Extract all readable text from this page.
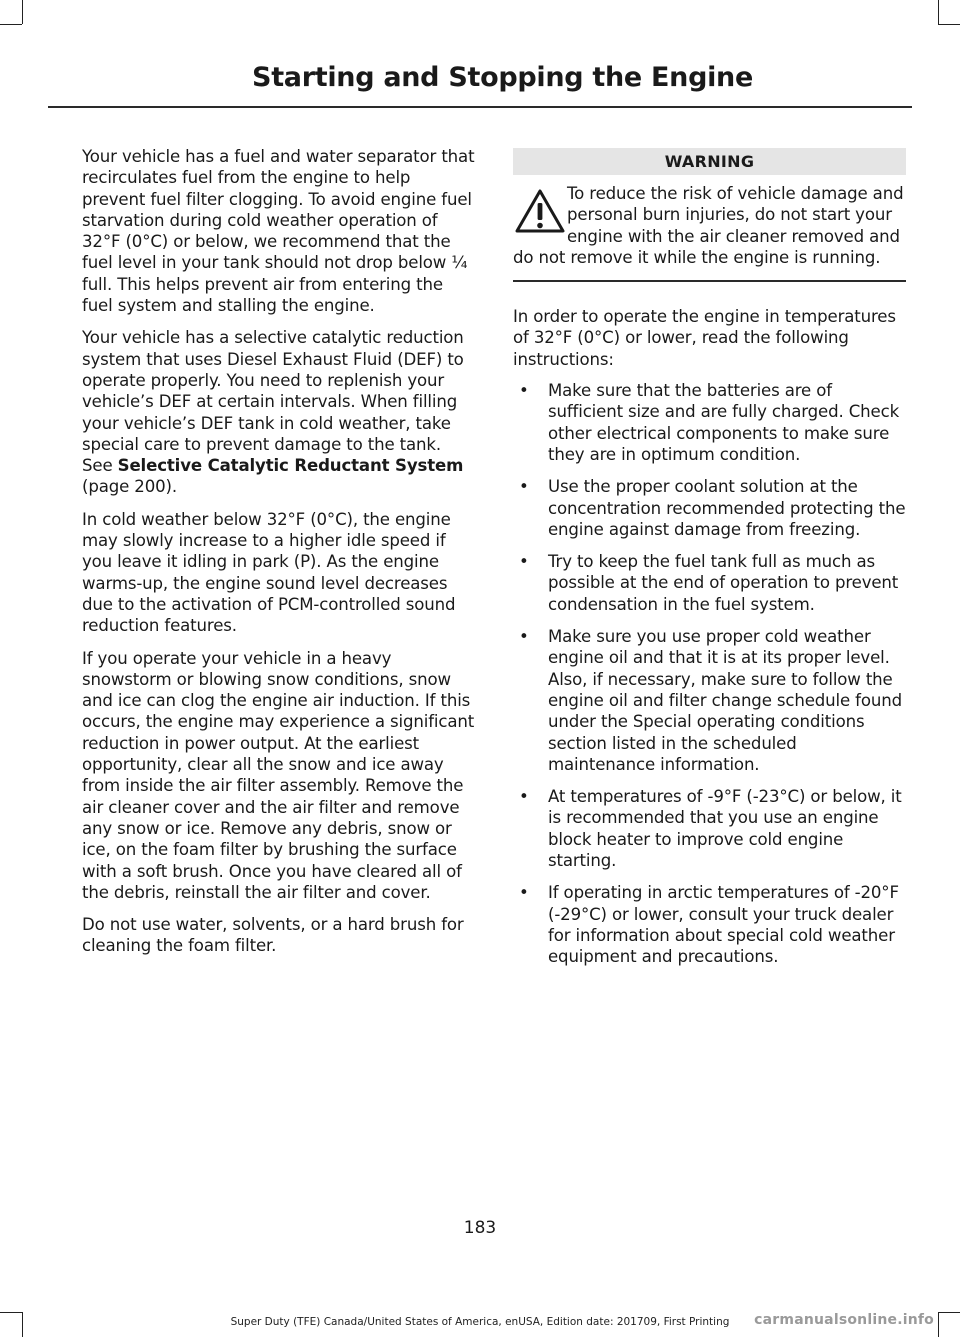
Starting and Stopping the Engine

Your vehicle has a fuel and water separator that recirculates fuel from the engine to help prevent fuel filter clogging. To avoid engine fuel starvation during cold weather operation of 32°F (0°C) or below, we recommend that the fuel level in your tank should not drop below ¼ full. This helps prevent air from entering the fuel system and stalling the engine.

Your vehicle has a selective catalytic reduction system that uses Diesel Exhaust Fluid (DEF) to operate properly. You need to replenish your vehicle’s DEF at certain intervals. When filling your vehicle’s DEF tank in cold weather, take special care to prevent damage to the tank. See Selective Catalytic Reductant System (page 200).

In cold weather below 32°F (0°C), the engine may slowly increase to a higher idle speed if you leave it idling in park (P). As the engine warms-up, the engine sound level decreases due to the activation of PCM-controlled sound reduction features.

If you operate your vehicle in a heavy snowstorm or blowing snow conditions, snow and ice can clog the engine air induction. If this occurs, the engine may experience a significant reduction in power output. At the earliest opportunity, clear all the snow and ice away from inside the air filter assembly. Remove the air cleaner cover and the air filter and remove any snow or ice. Remove any debris, snow or ice, on the foam filter by brushing the surface with a soft brush. Once you have cleared all of the debris, reinstall the air filter and cover.

Do not use water, solvents, or a hard brush for cleaning the foam filter.

WARNING
To reduce the risk of vehicle damage and personal burn injuries, do not start your engine with the air cleaner removed and do not remove it while the engine is running.

In order to operate the engine in temperatures of 32°F (0°C) or lower, read the following instructions:

• Make sure that the batteries are of sufficient size and are fully charged. Check other electrical components to make sure they are in optimum condition.
• Use the proper coolant solution at the concentration recommended protecting the engine against damage from freezing.
• Try to keep the fuel tank full as much as possible at the end of operation to prevent condensation in the fuel system.
• Make sure you use proper cold weather engine oil and that it is at its proper level. Also, if necessary, make sure to follow the engine oil and filter change schedule found under the Special operating conditions section listed in the scheduled maintenance information.
• At temperatures of -9°F (-23°C) or below, it is recommended that you use an engine block heater to improve cold engine starting.
• If operating in arctic temperatures of -20°F (-29°C) or lower, consult your truck dealer for information about special cold weather equipment and precautions.
183
Super Duty (TFE) Canada/United States of America, enUSA, Edition date: 201709, First Printing	carmanualsonline.info
